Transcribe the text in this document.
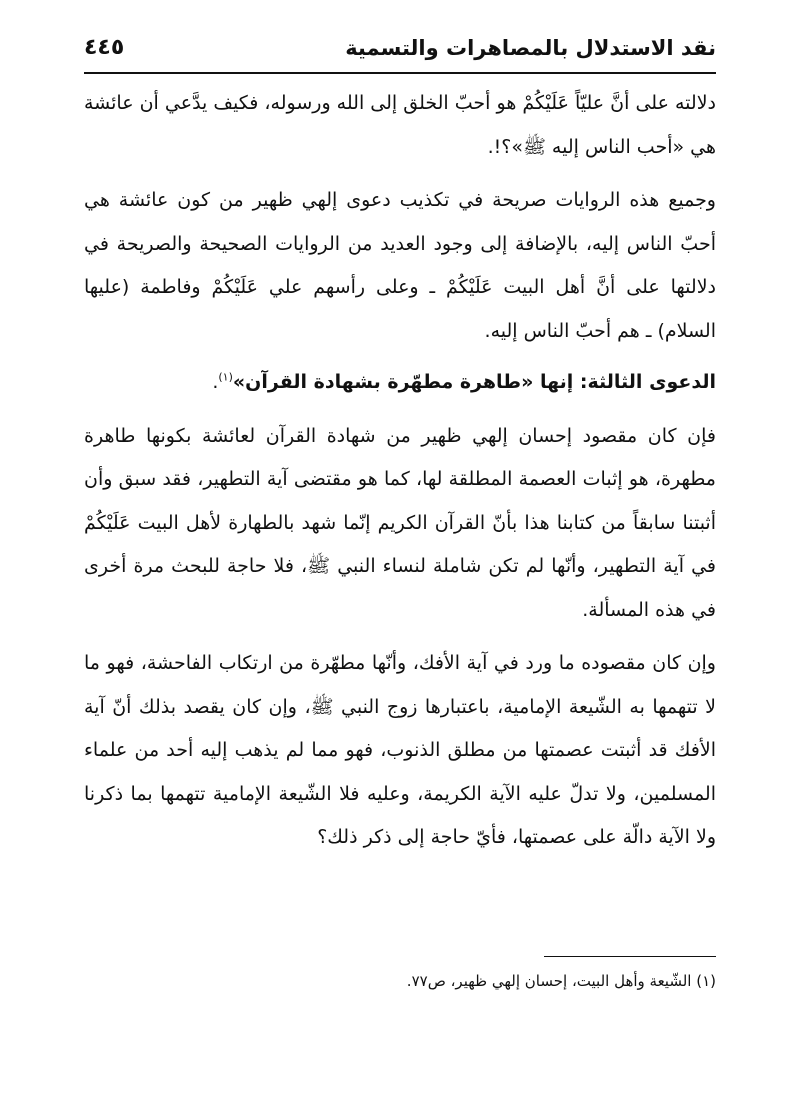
نقد الاستدلال بالمصاهرات والتسمية
٤٤٥

دلالته على أنَّ عليّاً عَلَيْكُمْ هو أحبّ الخلق إلى الله ورسوله، فكيف يدَّعي أن عائشة هي «أحب الناس إليه ﷺ»؟!.

وجميع هذه الروايات صريحة في تكذيب دعوى إلهي ظهير من كون عائشة هي أحبّ الناس إليه، بالإضافة إلى وجود العديد من الروايات الصحيحة والصريحة في دلالتها على أنَّ أهل البيت عَلَيْكُمْ ـ وعلى رأسهم علي عَلَيْكُمْ وفاطمة (عليها السلام) ـ هم أحبّ الناس إليه.

الدعوى الثالثة: إنها «طاهرة مطهّرة بشهادة القرآن»$^{(١)}$.

فإن كان مقصود إحسان إلهي ظهير من شهادة القرآن لعائشة بكونها طاهرة مطهرة، هو إثبات العصمة المطلقة لها، كما هو مقتضى آية التطهير، فقد سبق وأن أثبتنا سابقاً من كتابنا هذا بأنّ القرآن الكريم إنّما شهد بالطهارة لأهل البيت عَلَيْكُمْ في آية التطهير، وأنّها لم تكن شاملة لنساء النبي ﷺ، فلا حاجة للبحث مرة أخرى في هذه المسألة.

وإن كان مقصوده ما ورد في آية الأفك، وأنّها مطهّرة من ارتكاب الفاحشة، فهو ما لا تتهمها به الشّيعة الإمامية، باعتبارها زوج النبي ﷺ، وإن كان يقصد بذلك أنّ آية الأفك قد أثبتت عصمتها من مطلق الذنوب، فهو مما لم يذهب إليه أحد من علماء المسلمين، ولا تدلّ عليه الآية الكريمة، وعليه فلا الشّيعة الإمامية تتهمها بما ذكرنا ولا الآية دالّة على عصمتها، فأيّ حاجة إلى ذكر ذلك؟

(١) الشّيعة وأهل البيت، إحسان إلهي ظهير، ص٧٧.
